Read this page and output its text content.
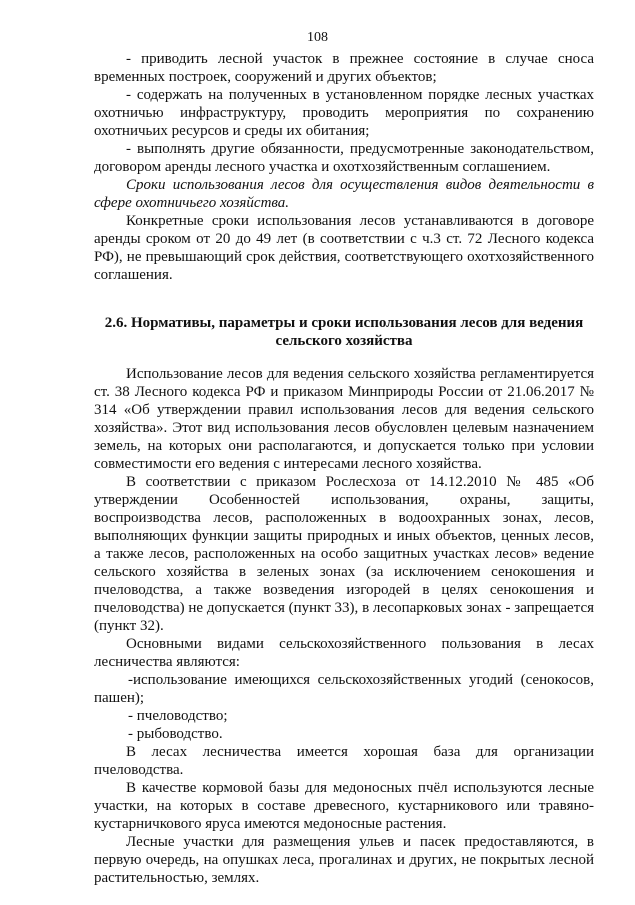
108

- приводить лесной участок в прежнее состояние в случае сноса временных построек, сооружений и других объектов;

- содержать на полученных в установленном порядке лесных участках охотничью инфраструктуру, проводить мероприятия по сохранению охотничьих ресурсов и среды их обитания;

- выполнять другие обязанности, предусмотренные законодательством, договором аренды лесного участка и охотхозяйственным соглашением.

Сроки использования лесов для осуществления видов деятельности в сфере охотничьего хозяйства.

Конкретные сроки использования лесов устанавливаются в договоре аренды сроком от 20 до 49 лет (в соответствии с ч.3 ст. 72 Лесного кодекса РФ), не превышающий срок действия, соответствующего охотхозяйственного соглашения.

2.6. Нормативы, параметры и сроки использования лесов для ведения сельского хозяйства

Использование лесов для ведения сельского хозяйства регламентируется ст. 38 Лесного кодекса РФ и приказом Минприроды России от 21.06.2017 № 314 «Об утверждении правил использования лесов для ведения сельского хозяйства». Этот вид использования лесов обусловлен целевым назначением земель, на которых они располагаются, и допускается только при условии совместимости его ведения с интересами лесного хозяйства.

В соответствии с приказом Рослесхоза от 14.12.2010 № 485 «Об утверждении Особенностей использования, охраны, защиты, воспроизводства лесов, расположенных в водоохранных зонах, лесов, выполняющих функции защиты природных и иных объектов, ценных лесов, а также лесов, расположенных на особо защитных участках лесов» ведение сельского хозяйства в зеленых зонах (за исключением сенокошения и пчеловодства, а также возведения изгородей в целях сенокошения и пчеловодства) не допускается (пункт 33), в лесопарковых зонах - запрещается (пункт 32).

Основными видами сельскохозяйственного пользования в лесах лесничества являются:

-использование имеющихся сельскохозяйственных угодий (сенокосов, пашен);

- пчеловодство;

- рыбоводство.

В лесах лесничества имеется хорошая база для организации пчеловодства.

В качестве кормовой базы для медоносных пчёл используются лесные участки, на которых в составе древесного, кустарникового или травяно-кустарничкового яруса имеются медоносные растения.

Лесные участки для размещения ульев и пасек предоставляются, в первую очередь, на опушках леса, прогалинах и других, не покрытых лесной растительностью, землях.
